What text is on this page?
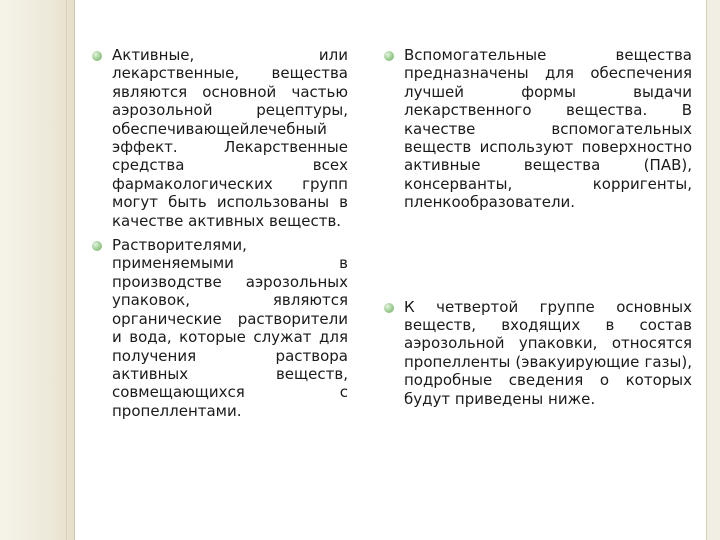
Активные, или лекарственные, вещества являются основной частью аэрозольной рецептуры, обеспечивающейлечебный эффект. Лекарственные средства всех фармакологических групп могут быть использованы в качестве активных веществ.

Растворителями, применяемыми в производстве аэрозольных упаковок, являются органические растворители и вода, которые служат для получения раствора активных веществ, совмещающихся с пропеллентами.

Вспомогательные вещества предназначены для обеспечения лучшей формы выдачи лекарственного вещества. В качестве вспомогательных веществ используют поверхностно активные вещества (ПАВ), консерванты, корригенты, пленкообразователи.

К четвертой группе основных веществ, входящих в состав аэрозольной упаковки, относятся пропелленты (эвакуирующие газы), подробные сведения о которых будут приведены ниже.
